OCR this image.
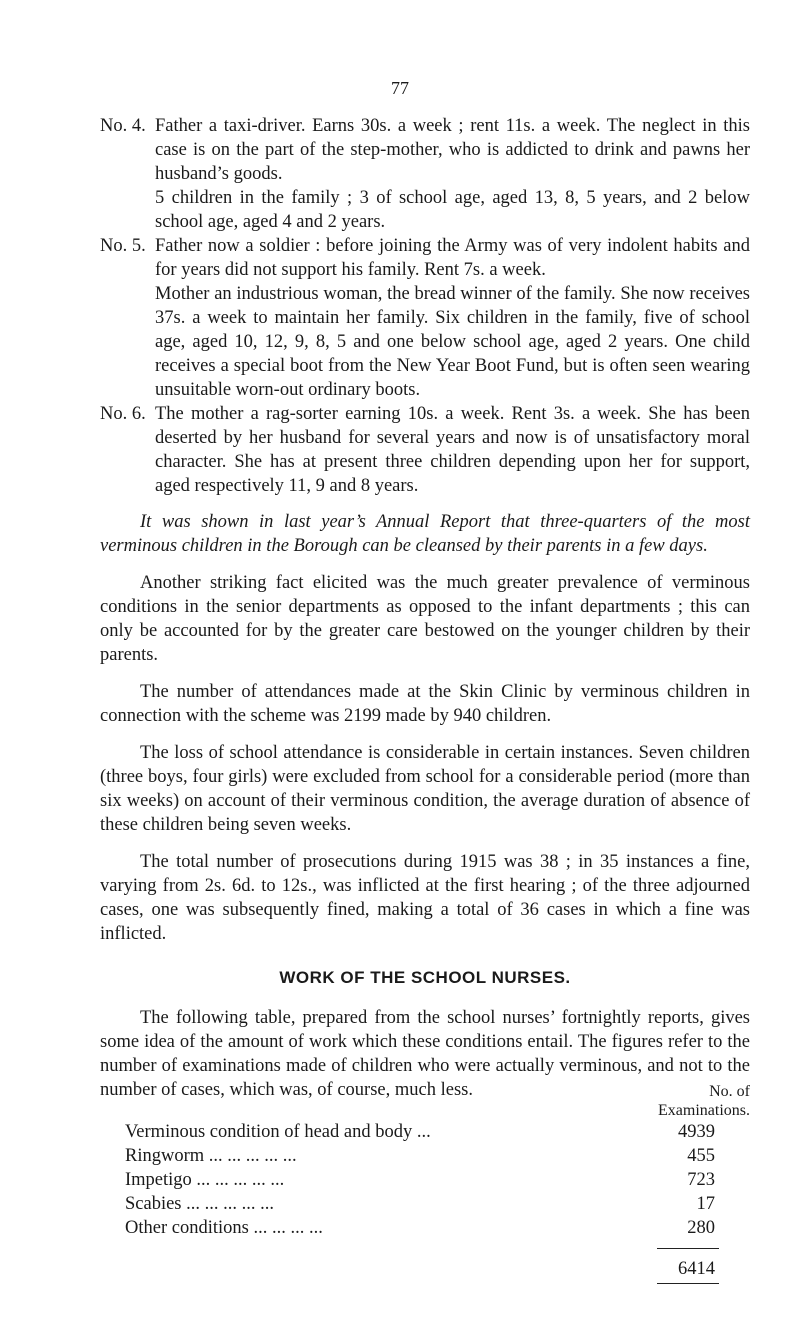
77
No. 4. Father a taxi-driver. Earns 30s. a week ; rent 11s. a week. The neglect in this case is on the part of the step-mother, who is addicted to drink and pawns her husband’s goods.

5 children in the family ; 3 of school age, aged 13, 8, 5 years, and 2 below school age, aged 4 and 2 years.

No. 5. Father now a soldier : before joining the Army was of very indolent habits and for years did not support his family. Rent 7s. a week.

Mother an industrious woman, the bread winner of the family. She now receives 37s. a week to maintain her family. Six children in the family, five of school age, aged 10, 12, 9, 8, 5 and one below school age, aged 2 years. One child receives a special boot from the New Year Boot Fund, but is often seen wearing unsuitable worn-out ordinary boots.

No. 6. The mother a rag-sorter earning 10s. a week. Rent 3s. a week. She has been deserted by her husband for several years and now is of unsatisfactory moral character. She has at present three children depending upon her for support, aged respectively 11, 9 and 8 years.

It was shown in last year’s Annual Report that three-quarters of the most verminous children in the Borough can be cleansed by their parents in a few days.

Another striking fact elicited was the much greater prevalence of verminous conditions in the senior departments as opposed to the infant departments ; this can only be accounted for by the greater care bestowed on the younger children by their parents.

The number of attendances made at the Skin Clinic by verminous children in connection with the scheme was 2199 made by 940 children.

The loss of school attendance is considerable in certain instances. Seven children (three boys, four girls) were excluded from school for a considerable period (more than six weeks) on account of their verminous condition, the average duration of absence of these children being seven weeks.

The total number of prosecutions during 1915 was 38 ; in 35 instances a fine, varying from 2s. 6d. to 12s., was inflicted at the first hearing ; of the three adjourned cases, one was subsequently fined, making a total of 36 cases in which a fine was inflicted.

WORK OF THE SCHOOL NURSES.

The following table, prepared from the school nurses’ fortnightly reports, gives some idea of the amount of work which these conditions entail. The figures refer to the number of examinations made of children who were actually verminous, and not to the number of cases, which was, of course, much less.	No. of
Examinations.
Verminous condition of head and body ...	4939
Ringworm ... ... ... ... ...	455
Impetigo ... ... ... ... ...	723
Scabies ... ... ... ... ...	17
Other conditions ... ... ... ...	280
6414
